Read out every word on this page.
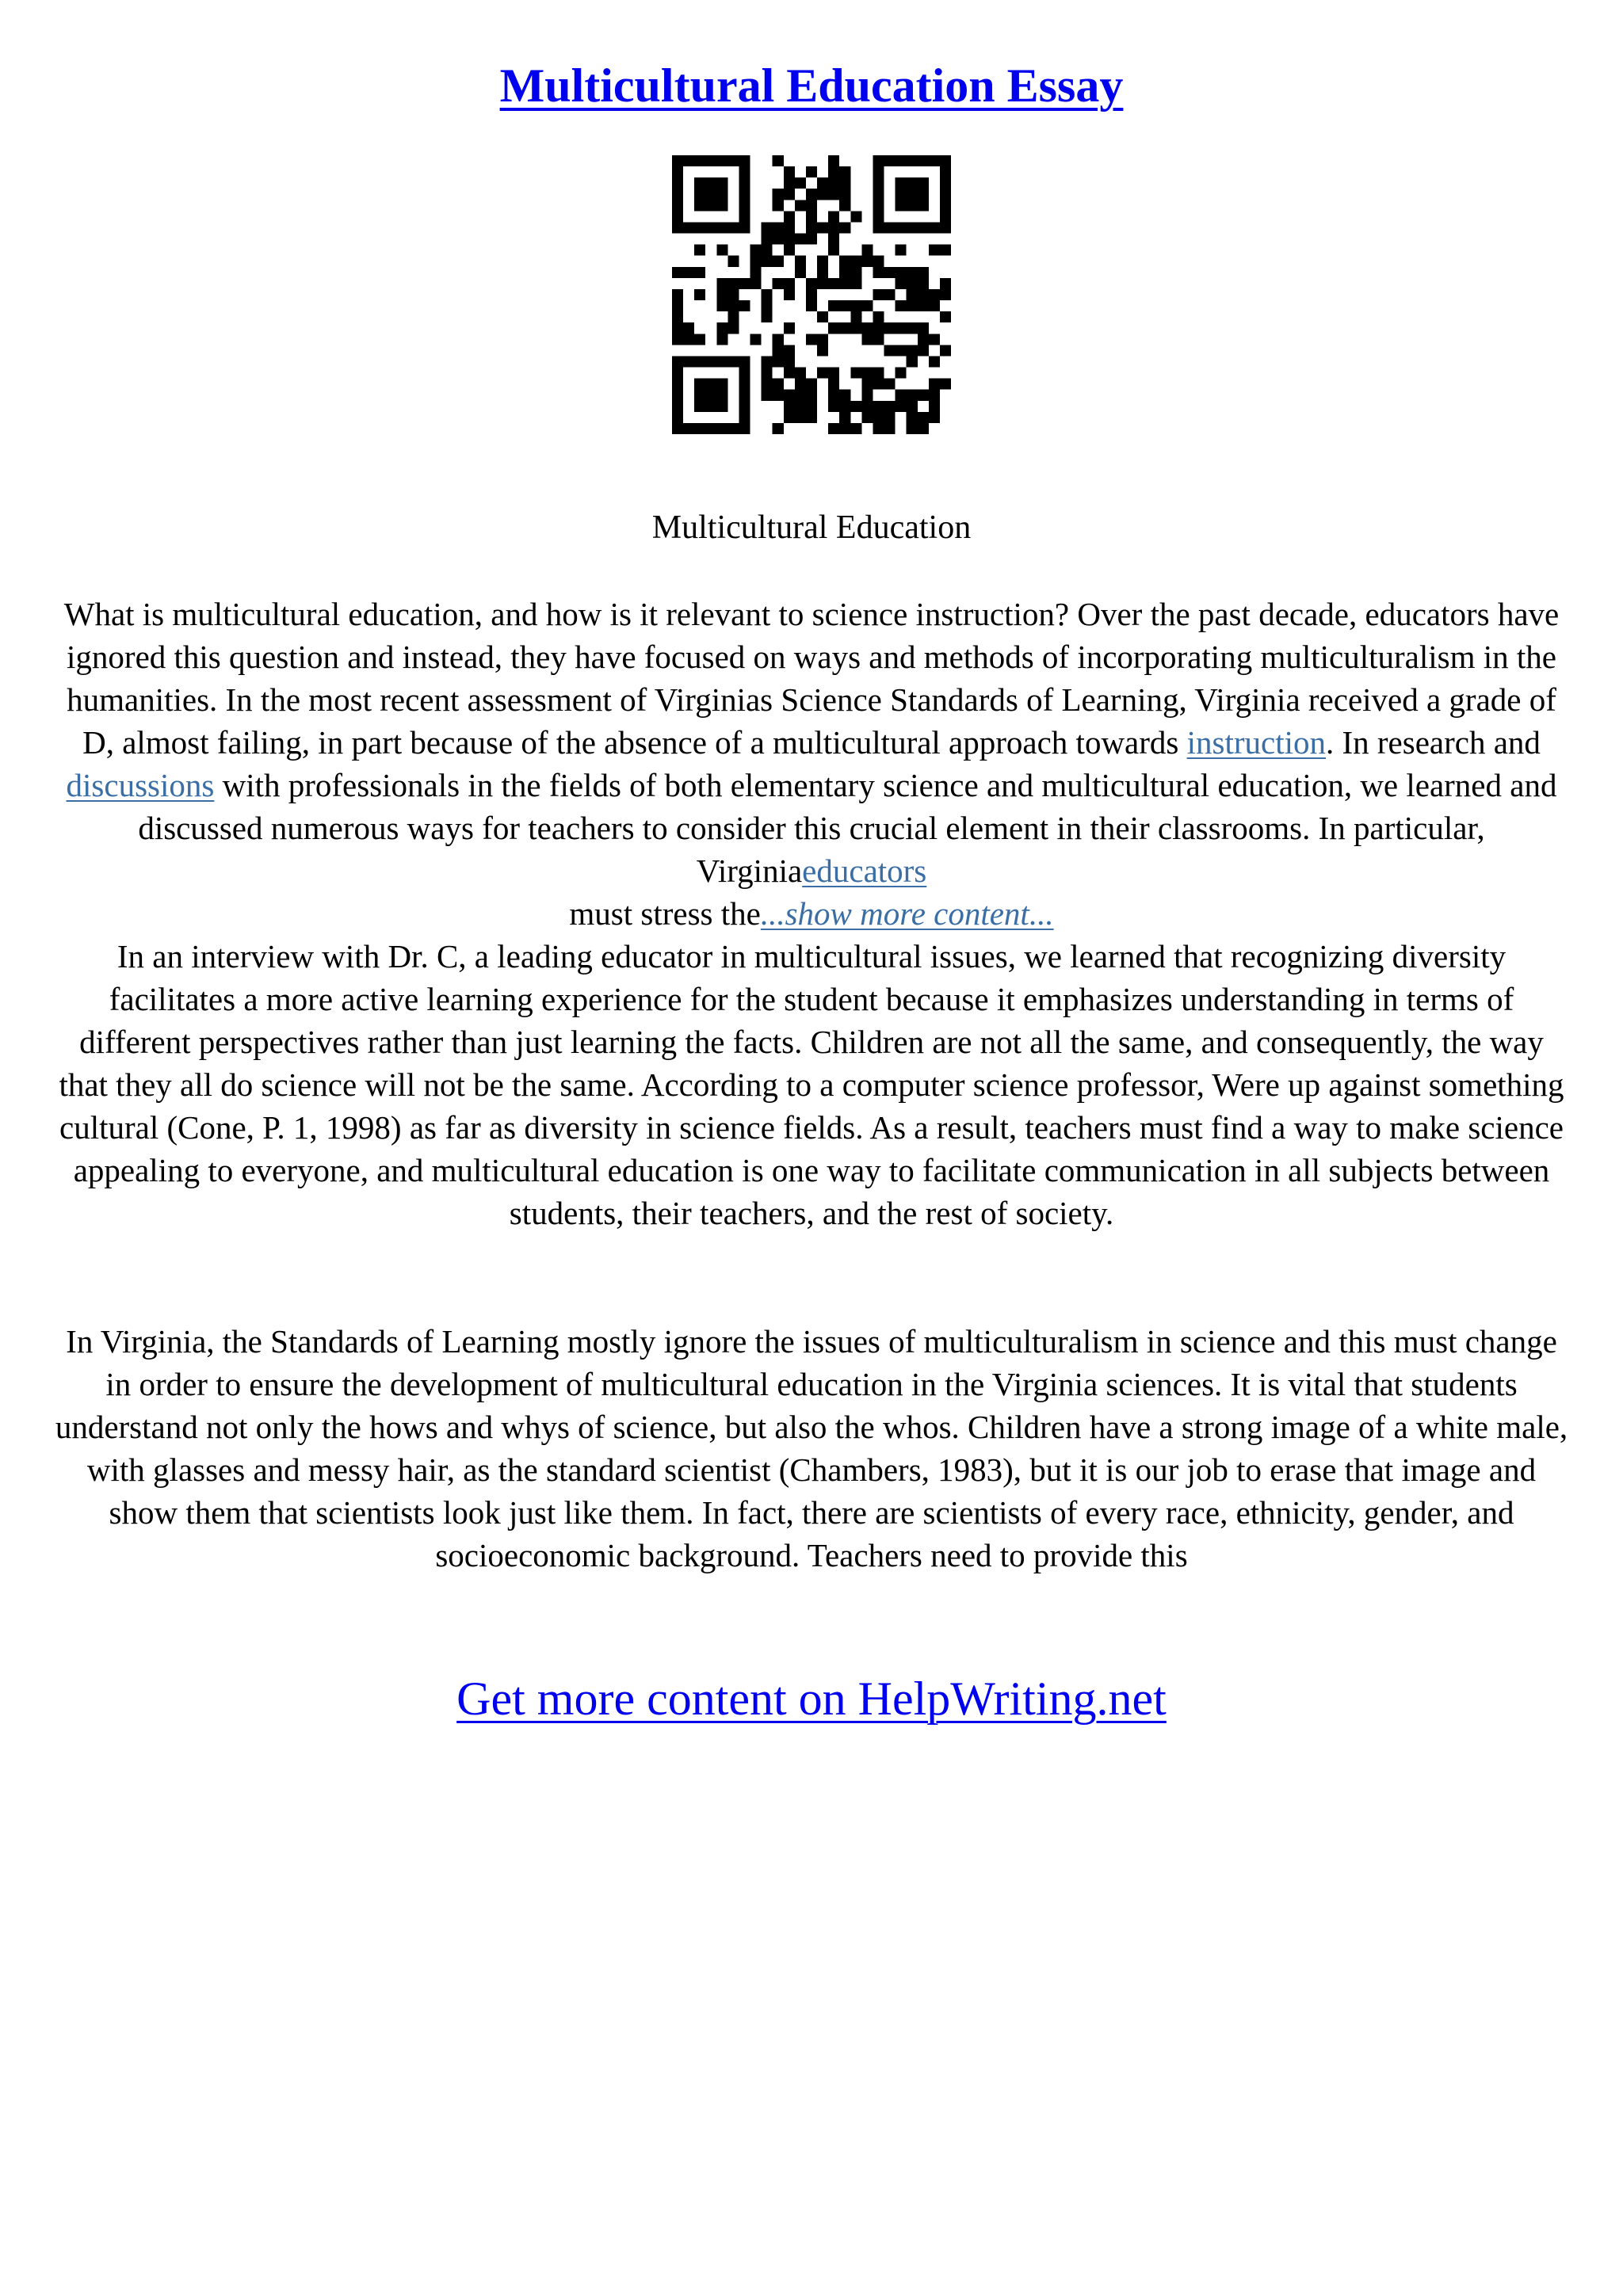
Multicultural Education Essay
Multicultural Education
What is multicultural education, and how is it relevant to science instruction? Over the past decade, educators have ignored this question and instead, they have focused on ways and methods of incorporating multiculturalism in the humanities. In the most recent assessment of Virginias Science Standards of Learning, Virginia received a grade of D, almost failing, in part because of the absence of a multicultural approach towards instruction. In research and discussions with professionals in the fields of both elementary science and multicultural education, we learned and discussed numerous ways for teachers to consider this crucial element in their classrooms. In particular, Virginiaeducators
must stress the...show more content...
In an interview with Dr. C, a leading educator in multicultural issues, we learned that recognizing diversity facilitates a more active learning experience for the student because it emphasizes understanding in terms of different perspectives rather than just learning the facts. Children are not all the same, and consequently, the way that they all do science will not be the same. According to a computer science professor, Were up against something cultural (Cone, P. 1, 1998) as far as diversity in science fields. As a result, teachers must find a way to make science appealing to everyone, and multicultural education is one way to facilitate communication in all subjects between students, their teachers, and the rest of society.
In Virginia, the Standards of Learning mostly ignore the issues of multiculturalism in science and this must change in order to ensure the development of multicultural education in the Virginia sciences. It is vital that students understand not only the hows and whys of science, but also the whos. Children have a strong image of a white male, with glasses and messy hair, as the standard scientist (Chambers, 1983), but it is our job to erase that image and show them that scientists look just like them. In fact, there are scientists of every race, ethnicity, gender, and socioeconomic background. Teachers need to provide this
Get more content on HelpWriting.net
